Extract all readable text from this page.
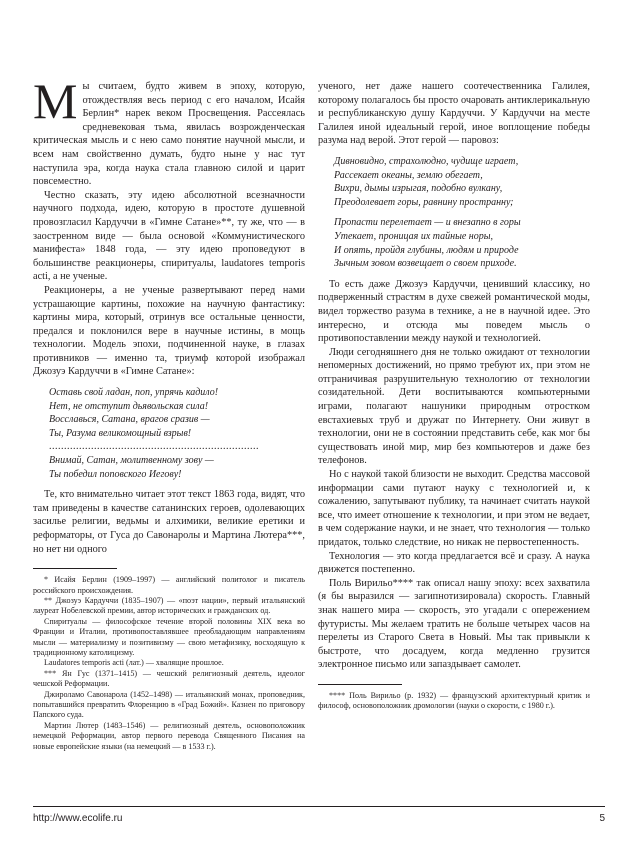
Мы считаем, будто живем в эпоху, которую, отождествляя весь период с его началом, Исайя Берлин* нарек веком Просвещения. Рассеялась средневековая тьма, явилась возрожденческая критическая мысль и с нею само понятие научной мысли, и всем нам свойственно думать, будто ныне у нас тут наступила эра, когда наука стала главною силой и царит повсеместно.

Честно сказать, эту идею абсолютной всезначности научного подхода, идею, которую в простоте душевной провозгласил Кардуччи в «Гимне Сатане»**, ту же, что — в заостренном виде — была основой «Коммунистического манифеста» 1848 года, — эту идею проповедуют в большинстве реакционеры, спиритуалы, laudatores temporis acti, а не ученые.

Реакционеры, а не ученые развертывают перед нами устрашающие картины, похожие на научную фантастику: картины мира, который, отринув все остальные ценности, предался и поклонился вере в научные истины, в мощь технологии. Модель эпохи, подчиненной науке, в глазах противников — именно та, триумф которой изображал Джозуэ Кардуччи в «Гимне Сатане»:

Оставь свой ладан, поп, упрячь кадило!
Нет, не отступит дьявольская сила!
Восславься, Сатана, врагов сразив —
Ты, Разума великомощный взрыв!
......................................................................
Внимай, Сатан, молитвенному зову —
Ты победил поповского Иегову!

Те, кто внимательно читает этот текст 1863 года, видят, что там приведены в качестве сатанинских героев, одолевающих засилье религии, ведьмы и алхимики, великие еретики и реформаторы, от Гуса до Савонаролы и Мартина Лютера***, но нет ни одного

* Исайя Берлин (1909–1997) — английский политолог и писатель российского происхождения.

** Джозуэ Кардуччи (1835–1907) — «поэт нации», первый итальянский лауреат Нобелевской премии, автор исторических и гражданских од.

Спиритуалы — философское течение второй половины XIX века во Франции и Италии, противопоставлявшее преобладающим направлениям мысли — материализму и позитивизму — свою метафизику, восходящую к традиционному католицизму.

Laudatores temporis acti (лат.) — хвалящие прошлое.

*** Ян Гус (1371–1415) — чешский религиозный деятель, идеолог чешской Реформации.

Джироламо Савонарола (1452–1498) — итальянский монах, проповедник, попытавшийся превратить Флоренцию в «Град Божий». Казнен по приговору Папского суда.

Мартин Лютер (1483–1546) — религиозный деятель, основоположник немецкой Реформации, автор первого перевода Священного Писания на новые европейские языки (на немецкий — в 1533 г.).

ученого, нет даже нашего соотечественника Галилея, которому полагалось бы просто очаровать антиклерикальную и республиканскую душу Кардуччи. У Кардуччи на месте Галилея иной идеальный герой, иное воплощение победы разума над верой. Этот герой — паровоз:

Дивновидно, страхолюдно, чудище играет,
Рассекает океаны, землю обегает,
Вихри, дымы изрыгая, подобно вулкану,
Преодолевает горы, равнину пространну;
Пропасти перелетает — и внезапно в горы
Утекает, проницая их тайные норы,
И опять, пройдя глубины, людям и природе
Зычным зовом возвещает о своем приходе.

То есть даже Джозуэ Кардуччи, ценивший классику, но подверженный страстям в духе свежей романтической моды, видел торжество разума в технике, а не в научной идее. Это интересно, и отсюда мы поведем мысль о противопоставлении между наукой и технологией.

Люди сегодняшнего дня не только ожидают от технологии непомерных достижений, но прямо требуют их, при этом не отграничивая разрушительную технологию от технологии созидательной. Дети воспитываются компьютерными играми, полагают нашуники природным отростком евстахиевых труб и дружат по Интернету. Они живут в технологии, они не в состоянии представить себе, как мог бы существовать иной мир, мир без компьютеров и даже без телефонов.

Но с наукой такой близости не выходит. Средства массовой информации сами путают науку с технологией и, к сожалению, запутывают публику, та начинает считать наукой все, что имеет отношение к технологии, и при этом не ведает, в чем содержание науки, и не знает, что технология — только придаток, только следствие, но никак не первостепенность.

Технология — это когда предлагается всё и сразу. А наука движется постепенно.

Поль Вирильо**** так описал нашу эпоху: всех захватила (я бы выразился — загипнотизировала) скорость. Главный знак нашего мира — скорость, это угадали с опережением футуристы. Мы желаем тратить не больше четырех часов на перелеты из Старого Света в Новый. Мы так привыкли к быстроте, что досадуем, когда медленно грузится электронное письмо или запаздывает самолет.

**** Поль Вирильо (р. 1932) — французский архитектурный критик и философ, основоположник дромологии (науки о скорости, с 1980 г.).

http://www.ecolife.ru	5
